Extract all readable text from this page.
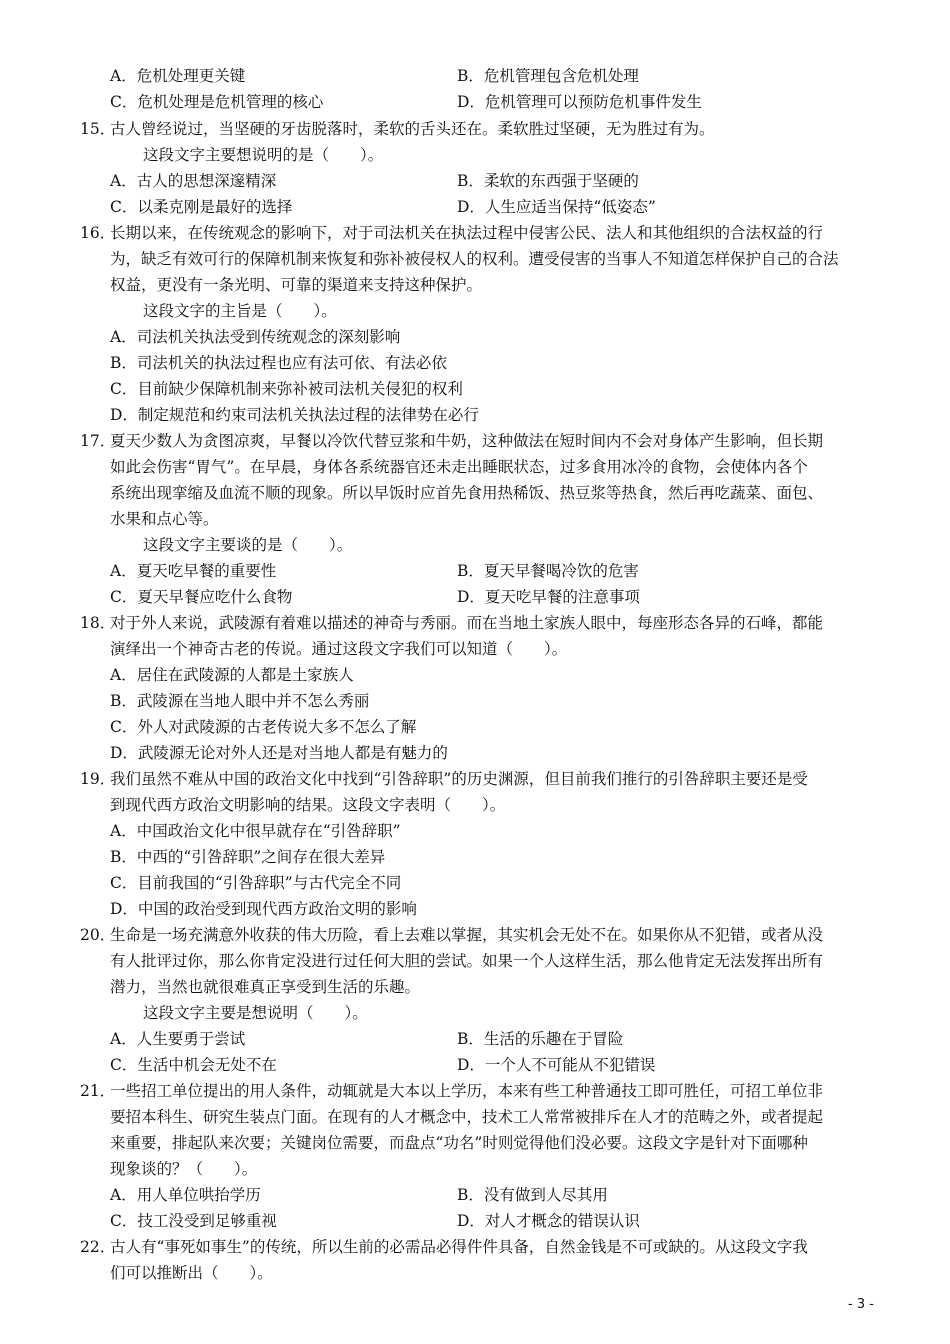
A．危机处理更关键	B．危机管理包含危机处理
C．危机处理是危机管理的核心	D．危机管理可以预防危机事件发生
15．
古人曾经说过，当坚硬的牙齿脱落时，柔软的舌头还在。柔软胜过坚硬，无为胜过有为。
这段文字主要想说明的是（　　）。
A．古人的思想深邃精深	B．柔软的东西强于坚硬的
C．以柔克刚是最好的选择	D．人生应适当保持“低姿态”
16．
长期以来，在传统观念的影响下，对于司法机关在执法过程中侵害公民、法人和其他组织的合法权益的行
为，缺乏有效可行的保障机制来恢复和弥补被侵权人的权利。遭受侵害的当事人不知道怎样保护自己的合法
权益，更没有一条光明、可靠的渠道来支持这种保护。
这段文字的主旨是（　　）。
A．司法机关执法受到传统观念的深刻影响
B．司法机关的执法过程也应有法可依、有法必依
C．目前缺少保障机制来弥补被司法机关侵犯的权利
D．制定规范和约束司法机关执法过程的法律势在必行
17．
夏天少数人为贪图凉爽，早餐以冷饮代替豆浆和牛奶，这种做法在短时间内不会对身体产生影响，但长期
如此会伤害“胃气”。在早晨，身体各系统器官还未走出睡眠状态，过多食用冰冷的食物，会使体内各个
系统出现挛缩及血流不顺的现象。所以早饭时应首先食用热稀饭、热豆浆等热食，然后再吃蔬菜、面包、
水果和点心等。
这段文字主要谈的是（　　）。
A．夏天吃早餐的重要性	B．夏天早餐喝冷饮的危害
C．夏天早餐应吃什么食物	D．夏天吃早餐的注意事项
18．
对于外人来说，武陵源有着难以描述的神奇与秀丽。而在当地土家族人眼中，每座形态各异的石峰，都能
演绎出一个神奇古老的传说。通过这段文字我们可以知道（　　）。
A．居住在武陵源的人都是土家族人
B．武陵源在当地人眼中并不怎么秀丽
C．外人对武陵源的古老传说大多不怎么了解
D．武陵源无论对外人还是对当地人都是有魅力的
19．
我们虽然不难从中国的政治文化中找到“引咎辞职”的历史渊源，但目前我们推行的引咎辞职主要还是受
到现代西方政治文明影响的结果。这段文字表明（　　）。
A．中国政治文化中很早就存在“引咎辞职”
B．中西的“引咎辞职”之间存在很大差异
C．目前我国的“引咎辞职”与古代完全不同
D．中国的政治受到现代西方政治文明的影响
20．
生命是一场充满意外收获的伟大历险，看上去难以掌握，其实机会无处不在。如果你从不犯错，或者从没
有人批评过你，那么你肯定没进行过任何大胆的尝试。如果一个人这样生活，那么他肯定无法发挥出所有
潜力，当然也就很难真正享受到生活的乐趣。
这段文字主要是想说明（　　）。
A．人生要勇于尝试	B．生活的乐趣在于冒险
C．生活中机会无处不在	D．一个人不可能从不犯错误
21．
一些招工单位提出的用人条件，动辄就是大本以上学历，本来有些工种普通技工即可胜任，可招工单位非
要招本科生、研究生装点门面。在现有的人才概念中，技术工人常常被排斥在人才的范畴之外，或者提起
来重要，排起队来次要；关键岗位需要，而盘点“功名”时则觉得他们没必要。这段文字是针对下面哪种
现象谈的？（　　）。
A．用人单位哄抬学历	B．没有做到人尽其用
C．技工没受到足够重视	D．对人才概念的错误认识
22．
古人有“事死如事生”的传统，所以生前的必需品必得件件具备，自然金钱是不可或缺的。从这段文字我
们可以推断出（　　）。
- 3 -
